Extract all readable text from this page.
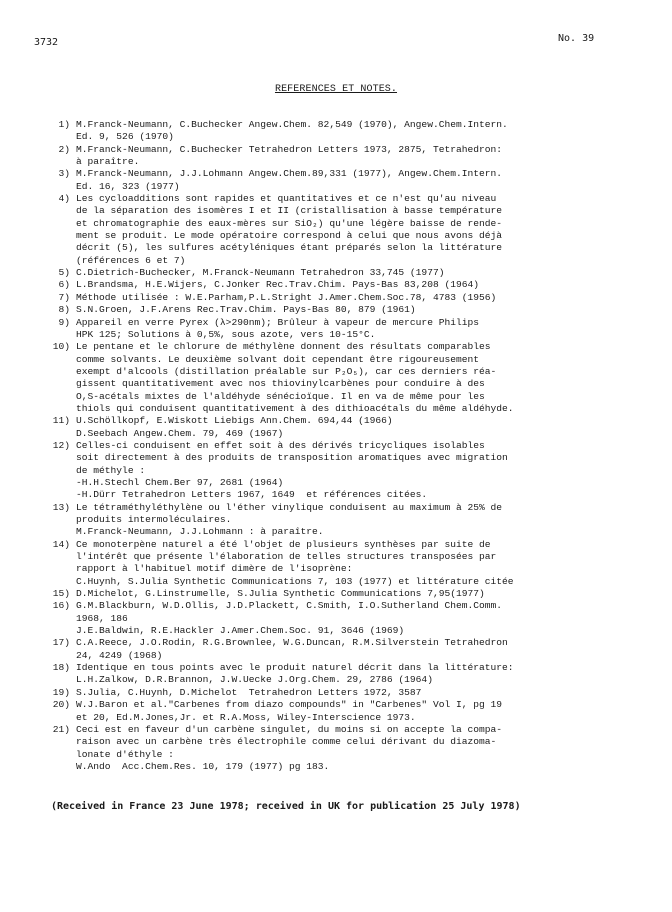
3732	No. 39
REFERENCES ET NOTES.
1) M.Franck-Neumann, C.Buchecker Angew.Chem. 82,549 (1970), Angew.Chem.Intern.
Ed. 9, 526 (1970)
2) M.Franck-Neumann, C.Buchecker Tetrahedron Letters 1973, 2875, Tetrahedron:
à paraître.
3) M.Franck-Neumann, J.J.Lohmann Angew.Chem.89,331 (1977), Angew.Chem.Intern.
Ed. 16, 323 (1977)
4) Les cycloadditions sont rapides et quantitatives et ce n'est qu'au niveau
de la séparation des isomères I et II (cristallisation à basse température
et chromatographie des eaux-mères sur SiO₂) qu'une légère baisse de rende-
ment se produit. Le mode opératoire correspond à celui que nous avons déjà
décrit (5), les sulfures acétyléniques étant préparés selon la littérature
(références 6 et 7)
5) C.Dietrich-Buchecker, M.Franck-Neumann Tetrahedron 33,745 (1977)
6) L.Brandsma, H.E.Wijers, C.Jonker Rec.Trav.Chim. Pays-Bas 83,208 (1964)
7) Méthode utilisée : W.E.Parham,P.L.Stright J.Amer.Chem.Soc.78, 4783 (1956)
8) S.N.Groen, J.F.Arens Rec.Trav.Chim. Pays-Bas 80, 879 (1961)
9) Appareil en verre Pyrex (λ>290nm); Brûleur à vapeur de mercure Philips
HPK 125; Solutions à 0,5%, sous azote, vers 10-15°C.
10) Le pentane et le chlorure de méthylène donnent des résultats comparables
comme solvants. Le deuxième solvant doit cependant être rigoureusement
exempt d'alcools (distillation préalable sur P₂O₅), car ces derniers réa-
gissent quantitativement avec nos thiovinylcarbènes pour conduire à des
O,S-acétals mixtes de l'aldéhyde sénécioïque. Il en va de même pour les
thiols qui conduisent quantitativement à des dithioacétals du même aldéhyde.
11) U.Schöllkopf, E.Wiskott Liebigs Ann.Chem. 694,44 (1966)
D.Seebach Angew.Chem. 79, 469 (1967)
12) Celles-ci conduisent en effet soit à des dérivés tricycliques isolables
soit directement à des produits de transposition aromatiques avec migration
de méthyle :
-H.H.Stechl Chem.Ber 97, 2681 (1964)
-H.Dürr Tetrahedron Letters 1967, 1649  et références citées.
13) Le tétraméthyléthylène ou l'éther vinylique conduisent au maximum à 25% de
produits intermoléculaires.
M.Franck-Neumann, J.J.Lohmann : à paraître.
14) Ce monoterpène naturel a été l'objet de plusieurs synthèses par suite de
l'intérêt que présente l'élaboration de telles structures transposées par
rapport à l'habituel motif dimère de l'isoprène:
C.Huynh, S.Julia Synthetic Communications 7, 103 (1977) et littérature citée
15) D.Michelot, G.Linstrumelle, S.Julia Synthetic Communications 7,95(1977)
16) G.M.Blackburn, W.D.Ollis, J.D.Plackett, C.Smith, I.O.Sutherland Chem.Comm.
1968, 186
J.E.Baldwin, R.E.Hackler J.Amer.Chem.Soc. 91, 3646 (1969)
17) C.A.Reece, J.O.Rodin, R.G.Brownlee, W.G.Duncan, R.M.Silverstein Tetrahedron
24, 4249 (1968)
18) Identique en tous points avec le produit naturel décrit dans la littérature:
L.H.Zalkow, D.R.Brannon, J.W.Uecke J.Org.Chem. 29, 2786 (1964)
19) S.Julia, C.Huynh, D.Michelot  Tetrahedron Letters 1972, 3587
20) W.J.Baron et al."Carbenes from diazo compounds" in "Carbenes" Vol I, pg 19
et 20, Ed.M.Jones,Jr. et R.A.Moss, Wiley-Interscience 1973.
21) Ceci est en faveur d'un carbène singulet, du moins si on accepte la compa-
raison avec un carbène très électrophile comme celui dérivant du diazoma-
lonate d'éthyle :
W.Ando  Acc.Chem.Res. 10, 179 (1977) pg 183.
(Received in France 23 June 1978; received in UK for publication 25 July 1978)
